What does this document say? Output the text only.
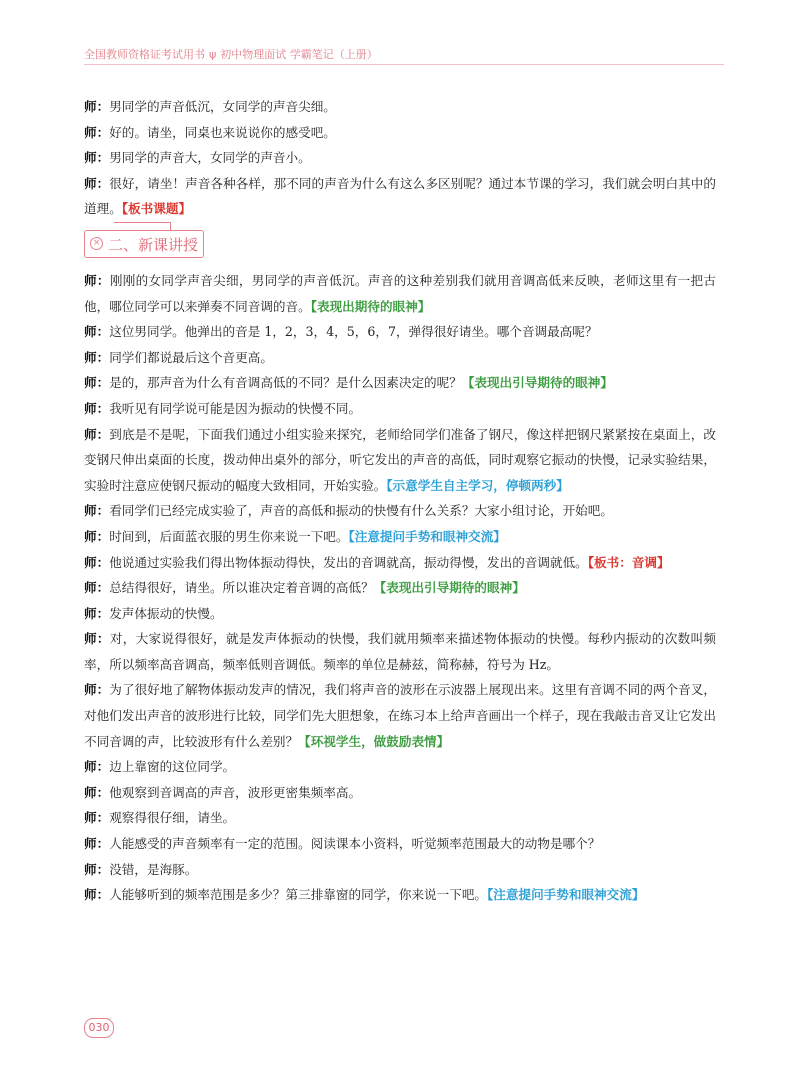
全国教师资格证考试用书 ψ 初中物理面试 学霸笔记（上册）

师：男同学的声音低沉，女同学的声音尖细。

师：好的。请坐，同桌也来说说你的感受吧。

师：男同学的声音大，女同学的声音小。

师：很好，请坐！声音各种各样，那不同的声音为什么有这么多区别呢？通过本节课的学习，我们就会明白其中的道理。【板书课题】

× 二、新课讲授

师：刚刚的女同学声音尖细，男同学的声音低沉。声音的这种差别我们就用音调高低来反映，老师这里有一把古他，哪位同学可以来弹奏不同音调的音。【表现出期待的眼神】

师：这位男同学。他弹出的音是 1，2，3，4，5，6，7，弹得很好请坐。哪个音调最高呢？

师：同学们都说最后这个音更高。

师：是的，那声音为什么有音调高低的不同？是什么因素决定的呢？【表现出引导期待的眼神】

师：我听见有同学说可能是因为振动的快慢不同。

师：到底是不是呢，下面我们通过小组实验来探究，老师给同学们准备了钢尺，像这样把钢尺紧紧按在桌面上，改变钢尺伸出桌面的长度，拨动伸出桌外的部分，听它发出的声音的高低，同时观察它振动的快慢，记录实验结果，实验时注意应使钢尺振动的幅度大致相同，开始实验。【示意学生自主学习，停顿两秒】

师：看同学们已经完成实验了，声音的高低和振动的快慢有什么关系？大家小组讨论，开始吧。

师：时间到，后面蓝衣服的男生你来说一下吧。【注意提问手势和眼神交流】

师：他说通过实验我们得出物体振动得快，发出的音调就高，振动得慢，发出的音调就低。【板书：音调】

师：总结得很好，请坐。所以谁决定着音调的高低？【表现出引导期待的眼神】

师：发声体振动的快慢。

师：对，大家说得很好，就是发声体振动的快慢，我们就用频率来描述物体振动的快慢。每秒内振动的次数叫频率，所以频率高音调高，频率低则音调低。频率的单位是赫兹，简称赫，符号为 Hz。

师：为了很好地了解物体振动发声的情况，我们将声音的波形在示波器上展现出来。这里有音调不同的两个音叉，对他们发出声音的波形进行比较，同学们先大胆想象，在练习本上给声音画出一个样子，现在我敲击音叉让它发出不同音调的声，比较波形有什么差别？【环视学生，做鼓励表情】

师：边上靠窗的这位同学。

师：他观察到音调高的声音，波形更密集频率高。

师：观察得很仔细，请坐。

师：人能感受的声音频率有一定的范围。阅读课本小资料，听觉频率范围最大的动物是哪个？

师：没错，是海豚。

师：人能够听到的频率范围是多少？第三排靠窗的同学，你来说一下吧。【注意提问手势和眼神交流】

030
